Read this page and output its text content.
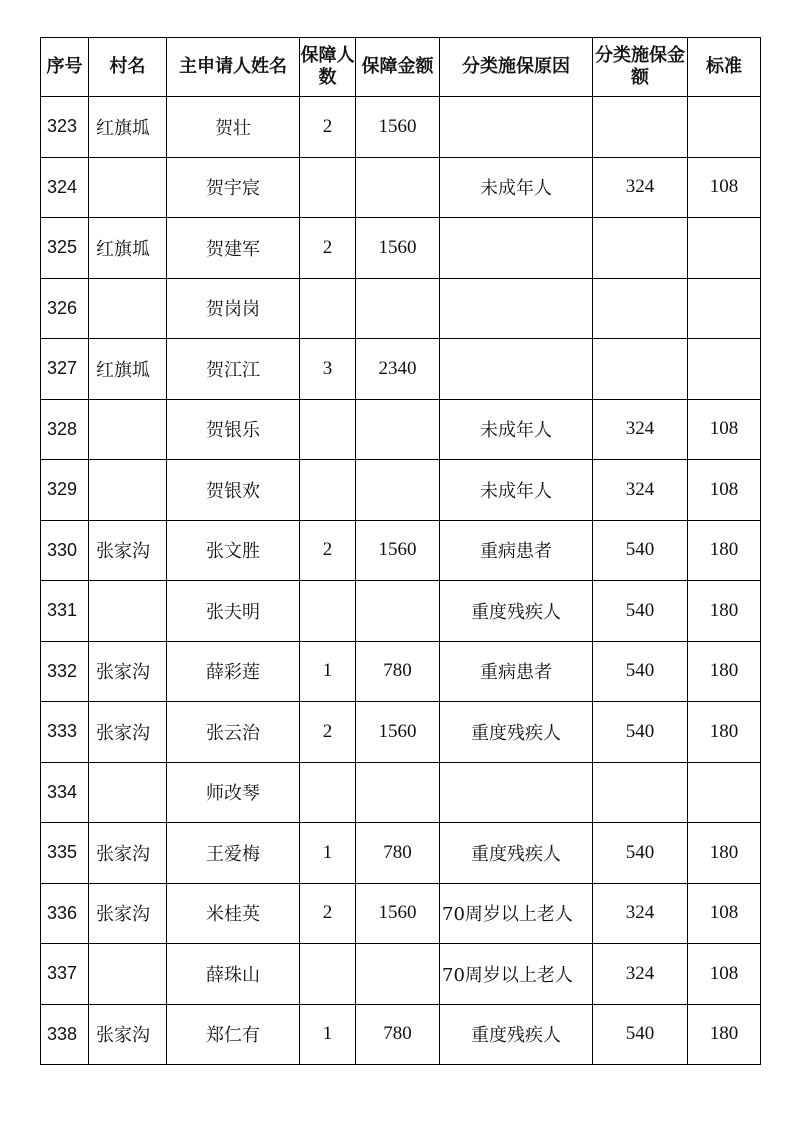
序号	村名	主申请人姓名	保障人数	保障金额	分类施保原因	分类施保金额	标准
323	红旗坬	贺壮	2	1560			
324		贺宇宸			未成年人	324	108
325	红旗坬	贺建军	2	1560			
326		贺岗岗					
327	红旗坬	贺江江	3	2340			
328		贺银乐			未成年人	324	108
329		贺银欢			未成年人	324	108
330	张家沟	张文胜	2	1560	重病患者	540	180
331		张夫明			重度残疾人	540	180
332	张家沟	薛彩莲	1	780	重病患者	540	180
333	张家沟	张云治	2	1560	重度残疾人	540	180
334		师改琴					
335	张家沟	王爱梅	1	780	重度残疾人	540	180
336	张家沟	米桂英	2	1560	70周岁以上老人	324	108
337		薛珠山			70周岁以上老人	324	108
338	张家沟	郑仁有	1	780	重度残疾人	540	180
